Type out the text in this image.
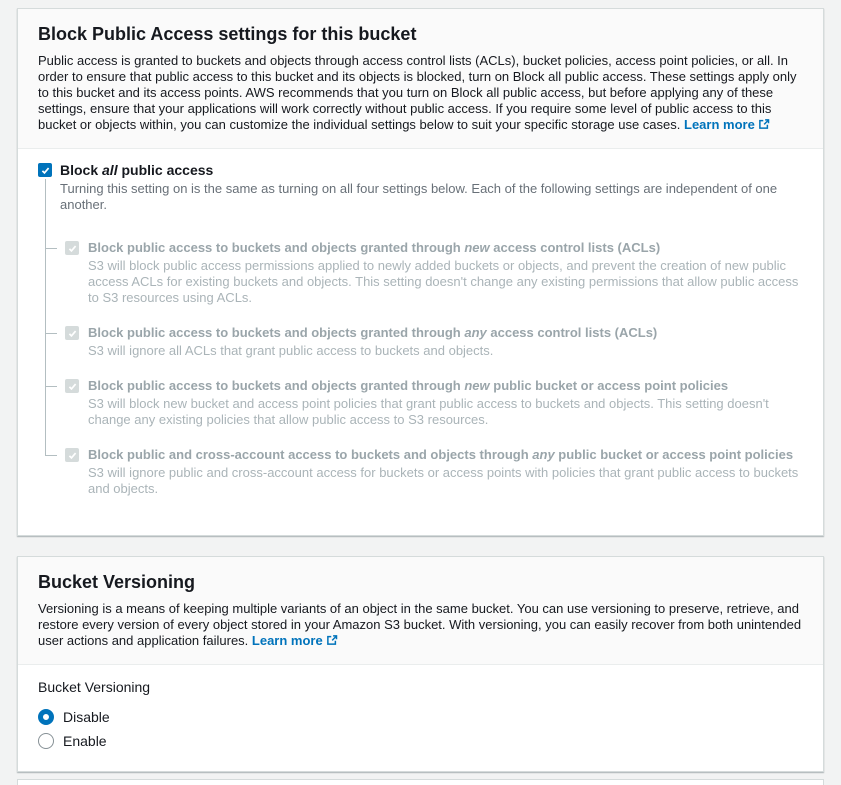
Block Public Access settings for this bucket

Public access is granted to buckets and objects through access control lists (ACLs), bucket policies, access point policies, or all. In order to ensure that public access to this bucket and its objects is blocked, turn on Block all public access. These settings apply only to this bucket and its access points. AWS recommends that you turn on Block all public access, but before applying any of these settings, ensure that your applications will work correctly without public access. If you require some level of public access to this bucket or objects within, you can customize the individual settings below to suit your specific storage use cases. Learn more

Block all public access
Turning this setting on is the same as turning on all four settings below. Each of the following settings are independent of one another.
Block public access to buckets and objects granted through new access control lists (ACLs)
S3 will block public access permissions applied to newly added buckets or objects, and prevent the creation of new public access ACLs for existing buckets and objects. This setting doesn't change any existing permissions that allow public access to S3 resources using ACLs.
Block public access to buckets and objects granted through any access control lists (ACLs)
S3 will ignore all ACLs that grant public access to buckets and objects.
Block public access to buckets and objects granted through new public bucket or access point policies
S3 will block new bucket and access point policies that grant public access to buckets and objects. This setting doesn't change any existing policies that allow public access to S3 resources.
Block public and cross-account access to buckets and objects through any public bucket or access point policies
S3 will ignore public and cross-account access for buckets or access points with policies that grant public access to buckets and objects.
Bucket Versioning

Versioning is a means of keeping multiple variants of an object in the same bucket. You can use versioning to preserve, retrieve, and restore every version of every object stored in your Amazon S3 bucket. With versioning, you can easily recover from both unintended user actions and application failures. Learn more

Bucket Versioning
Disable
Enable
